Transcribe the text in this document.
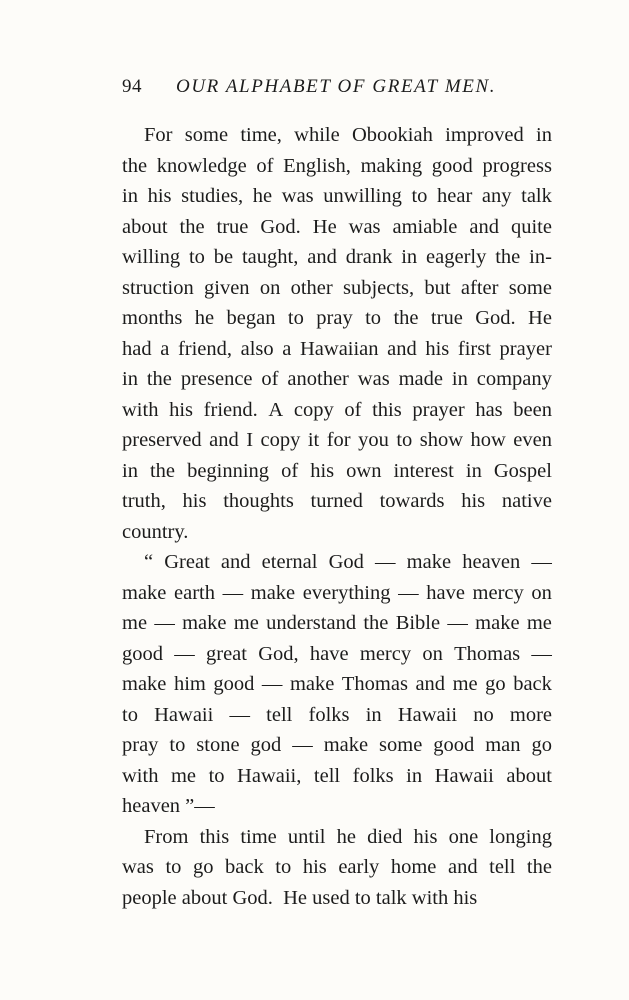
94 OUR ALPHABET OF GREAT MEN.
For some time, while Obookiah improved in
the knowledge of English, making good progress
in his studies, he was unwilling to hear any talk
about the true God. He was amiable and quite
willing to be taught, and drank in eagerly the in-
struction given on other subjects, but after some
months he began to pray to the true God. He
had a friend, also a Hawaiian and his first prayer
in the presence of another was made in company
with his friend. A copy of this prayer has been
preserved and I copy it for you to show how even
in the beginning of his own interest in Gospel
truth, his thoughts turned towards his native
country.
“ Great and eternal God — make heaven —
make earth — make everything — have mercy on
me — make me understand the Bible — make me
good — great God, have mercy on Thomas —
make him good — make Thomas and me go back
to Hawaii — tell folks in Hawaii no more
pray to stone god — make some good man go
with me to Hawaii, tell folks in Hawaii about
heaven ”—
From this time until he died his one longing
was to go back to his early home and tell the
people about God.  He used to talk with his
